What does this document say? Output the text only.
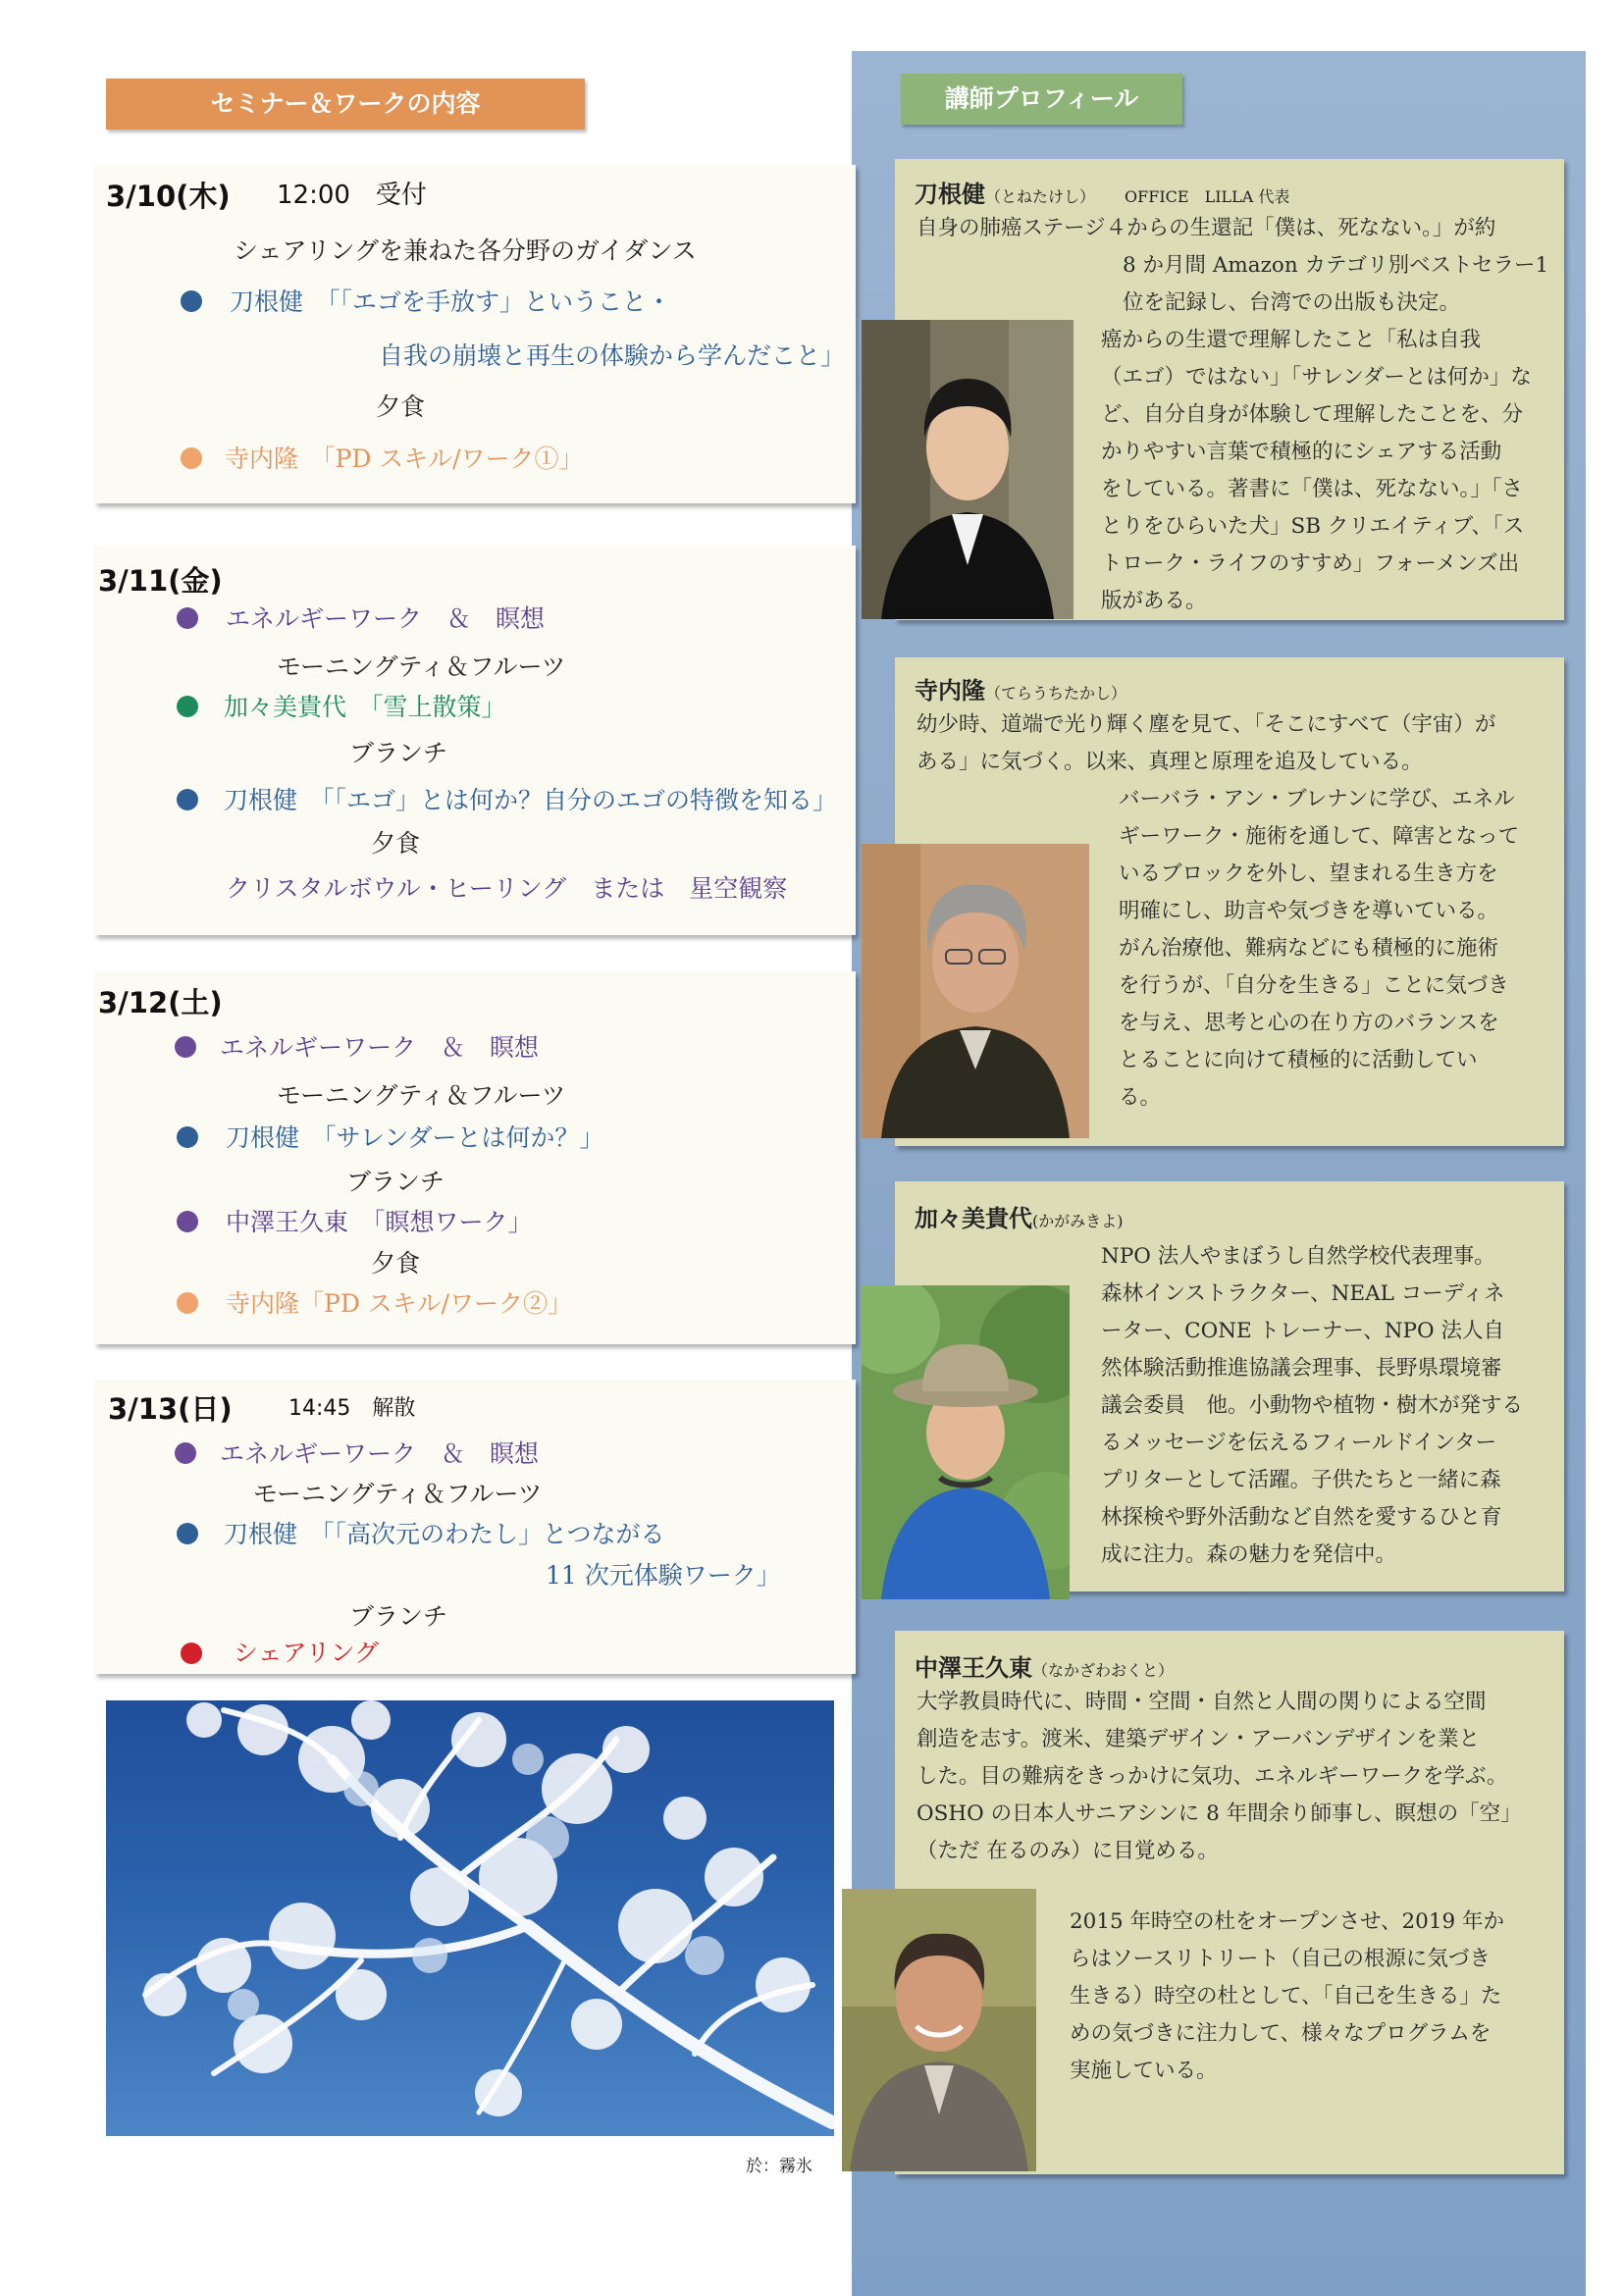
セミナー＆ワークの内容	講師プロフィール
3/10(木) 12:00　受付
シェアリングを兼ねた各分野のガイダンス
刀根健　「「エゴを手放す」ということ・
自我の崩壊と再生の体験から学んだこと」
夕食
寺内隆　「PD スキル/ワーク①」
3/11(金)
エネルギーワーク　＆　瞑想
モーニングティ＆フルーツ
加々美貴代　「雪上散策」
ブランチ
刀根健　「「エゴ」とは何か？自分のエゴの特徴を知る」
夕食
クリスタルボウル・ヒーリング　または　星空観察
3/12(土)
エネルギーワーク　＆　瞑想
モーニングティ＆フルーツ
刀根健　「サレンダーとは何か？」
ブランチ
中澤王久東　「瞑想ワーク」
夕食
寺内隆「PD スキル/ワーク②」
3/13(日)	14:45　解散
エネルギーワーク　＆　瞑想
モーニングティ＆フルーツ
刀根健　「「高次元のわたし」とつながる
11 次元体験ワーク」
ブランチ
シェアリング
於：霧氷
刀根健（とねたけし） OFFICE　LILLA 代表
自身の肺癌ステージ４からの生還記「僕は、死なない。」が約
8 か月間 Amazon カテゴリ別ベストセラー1
位を記録し、台湾での出版も決定。
癌からの生還で理解したこと「私は自我
（エゴ）ではない」「サレンダーとは何か」な
ど、自分自身が体験して理解したことを、分
かりやすい言葉で積極的にシェアする活動
をしている。著書に「僕は、死なない。」「さ
とりをひらいた犬」SB クリエイティブ、「ス
トローク・ライフのすすめ」フォーメンズ出
版がある。
寺内隆（てらうちたかし）
幼少時、道端で光り輝く塵を見て、「そこにすべて（宇宙）が
ある」に気づく。以来、真理と原理を追及している。
バーバラ・アン・ブレナンに学び、エネル
ギーワーク・施術を通して、障害となって
いるブロックを外し、望まれる生き方を
明確にし、助言や気づきを導いている。
がん治療他、難病などにも積極的に施術
を行うが、「自分を生きる」ことに気づき
を与え、思考と心の在り方のバランスを
とることに向けて積極的に活動してい
る。
加々美貴代(かがみきよ)
NPO 法人やまぼうし自然学校代表理事。
森林インストラクター、NEAL コーディネ
ーター、CONE トレーナー、NPO 法人自
然体験活動推進協議会理事、長野県環境審
議会委員　他。小動物や植物・樹木が発する
るメッセージを伝えるフィールドインター
プリターとして活躍。子供たちと一緒に森
林探検や野外活動など自然を愛するひと育
成に注力。森の魅力を発信中。
中澤王久東（なかざわおくと）
大学教員時代に、時間・空間・自然と人間の関りによる空間
創造を志す。渡米、建築デザイン・アーバンデザインを業と
した。目の難病をきっかけに気功、エネルギーワークを学ぶ。
OSHO の日本人サニアシンに 8 年間余り師事し、瞑想の「空」
（ただ 在るのみ）に目覚める。
2015 年時空の杜をオープンさせ、2019 年か
らはソースリトリート（自己の根源に気づき
生きる）時空の杜として、「自己を生きる」た
めの気づきに注力して、様々なプログラムを
実施している。
